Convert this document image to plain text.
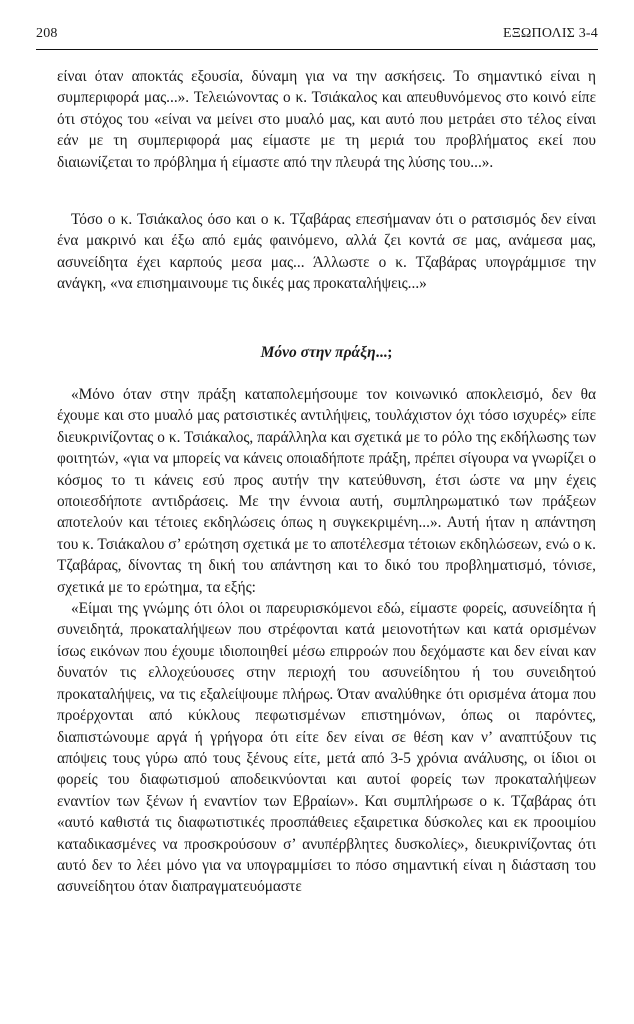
208	ΕΞΩΠΟΛΙΣ 3-4

είναι όταν αποκτάς εξουσία, δύναμη για να την ασκήσεις. Το σημαντικό είναι η συμπεριφορά μας...». Τελειώνοντας ο κ. Τσιάκαλος και απευθυνόμενος στο κοινό είπε ότι στόχος του «είναι να μείνει στο μυαλό μας, και αυτό που μετράει στο τέλος είναι εάν με τη συμπεριφορά μας είμαστε με τη μεριά του προβλήματος εκεί που διαιωνίζεται το πρόβλημα ή είμαστε από την πλευρά της λύσης του...».

Τόσο ο κ. Τσιάκαλος όσο και ο κ. Τζαβάρας επεσήμαναν ότι ο ρατσισμός δεν είναι ένα μακρινό και έξω από εμάς φαινόμενο, αλλά ζει κοντά σε μας, ανάμεσα μας, ασυνείδητα έχει καρπούς μεσα μας... Άλλωστε ο κ. Τζαβάρας υπογράμμισε την ανάγκη, «να επισημαινουμε τις δικές μας προκαταλήψεις...»

Μόνο στην πράξη...;

«Μόνο όταν στην πράξη καταπολεμήσουμε τον κοινωνικό αποκλεισμό, δεν θα έχουμε και στο μυαλό μας ρατσιστικές αντιλήψεις, τουλάχιστον όχι τόσο ισχυρές» είπε διευκρινίζοντας ο κ. Τσιάκαλος, παράλληλα και σχετικά με το ρόλο της εκδήλωσης των φοιτητών, «για να μπορείς να κάνεις οποιαδήποτε πράξη, πρέπει σίγουρα να γνωρίζει ο κόσμος το τι κάνεις εσύ προς αυτήν την κατεύθυνση, έτσι ώστε να μην έχεις οποιεσδήποτε αντιδράσεις. Με την έννοια αυτή, συμπληρωματικό των πράξεων αποτελούν και τέτοιες εκδηλώσεις όπως η συγκεκριμένη...». Αυτή ήταν η απάντηση του κ. Τσιάκαλου σ’ ερώτηση σχετικά με το αποτέλεσμα τέτοιων εκδηλώσεων, ενώ ο κ. Τζαβάρας, δίνοντας τη δική του απάντηση και το δικό του προβληματισμό, τόνισε, σχετικά με το ερώτημα, τα εξής:

«Είμαι της γνώμης ότι όλοι οι παρευρισκόμενοι εδώ, είμαστε φορείς, ασυνείδητα ή συνειδητά, προκαταλήψεων που στρέφονται κατά μειονοτήτων και κατά ορισμένων ίσως εικόνων που έχουμε ιδιοποιηθεί μέσω επιρροών που δεχόμαστε και δεν είναι καν δυνατόν τις ελλοχεύουσες στην περιοχή του ασυνείδητου ή του συνειδητού προκαταλήψεις, να τις εξαλείψουμε πλήρως. Όταν αναλύθηκε ότι ορισμένα άτομα που προέρχονται από κύκλους πεφωτισμένων επιστημόνων, όπως οι παρόντες, διαπιστώνουμε αργά ή γρήγορα ότι είτε δεν είναι σε θέση καν ν’ αναπτύξουν τις απόψεις τους γύρω από τους ξένους είτε, μετά από 3-5 χρόνια ανάλυσης, οι ίδιοι οι φορείς του διαφωτισμού αποδεικνύονται και αυτοί φορείς των προκαταλήψεων εναντίον των ξένων ή εναντίον των Εβραίων». Και συμπλήρωσε ο κ. Τζαβάρας ότι «αυτό καθιστά τις διαφωτιστικές προσπάθειες εξαιρετικα δύσκολες και εκ προοιμίου καταδικασμένες να προσκρούσουν σ’ ανυπέρβλητες δυσκολίες», διευκρινίζοντας ότι αυτό δεν το λέει μόνο για να υπογραμμίσει το πόσο σημαντική είναι η διάσταση του ασυνείδητου όταν διαπραγματευόμαστε
